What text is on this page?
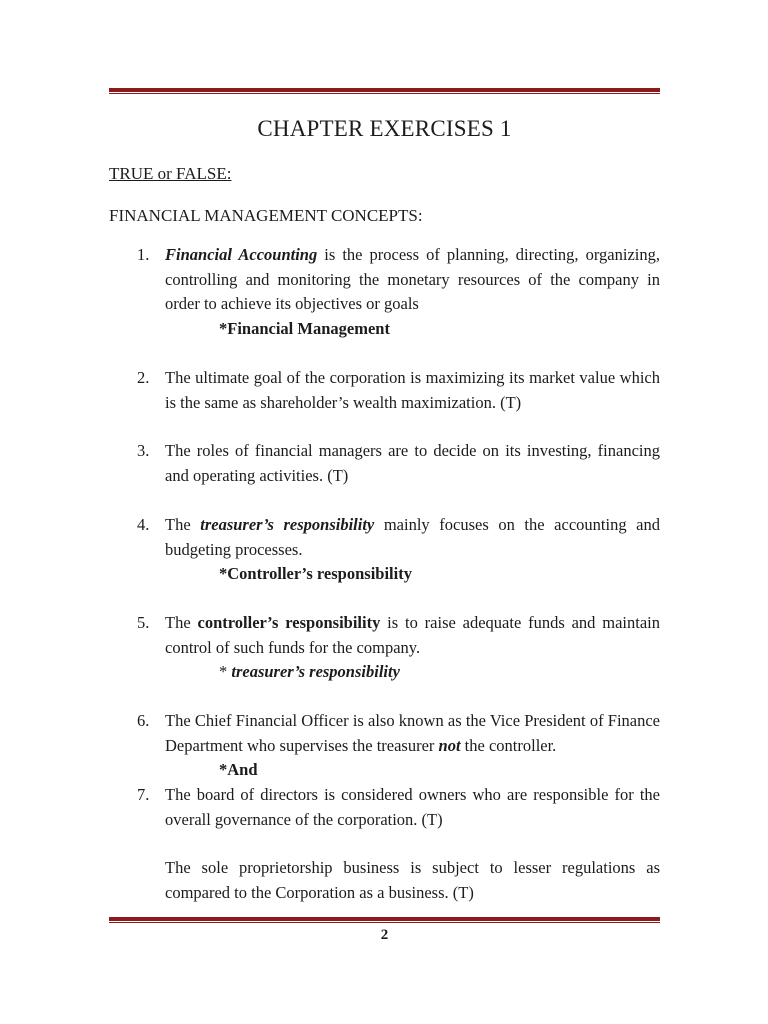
CHAPTER EXERCISES 1
TRUE or FALSE:
FINANCIAL MANAGEMENT CONCEPTS:
1. Financial Accounting is the process of planning, directing, organizing, controlling and monitoring the monetary resources of the company in order to achieve its objectives or goals
*Financial Management
2. The ultimate goal of the corporation is maximizing its market value which is the same as shareholder’s wealth maximization. (T)
3. The roles of financial managers are to decide on its investing, financing and operating activities. (T)
4. The treasurer’s responsibility mainly focuses on the accounting and budgeting processes.
*Controller’s responsibility
5. The controller’s responsibility is to raise adequate funds and maintain control of such funds for the company.
* treasurer’s responsibility
6. The Chief Financial Officer is also known as the Vice President of Finance Department who supervises the treasurer not the controller.
*And
7. The board of directors is considered owners who are responsible for the overall governance of the corporation. (T)
The sole proprietorship business is subject to lesser regulations as compared to the Corporation as a business. (T)
2
